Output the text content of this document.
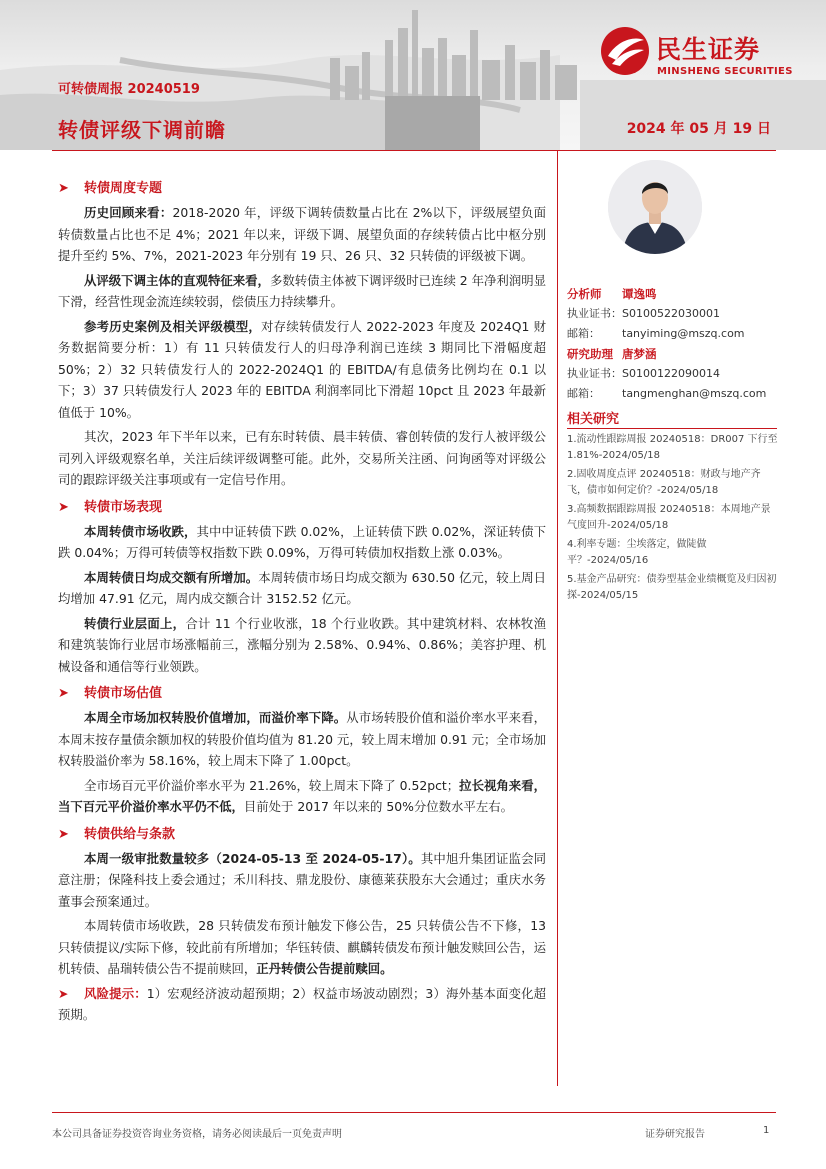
可转债周报 20240519
转债评级下调前瞻	2024 年 05 月 19 日
民生证券
MINSHENG SECURITIES
➤ 转债周度专题

历史回顾来看：2018-2020 年，评级下调转债数量占比在 2%以下，评级展望负面转债数量占比也不足 4%；2021 年以来，评级下调、展望负面的存续转债占比中枢分别提升至约 5%、7%，2021-2023 年分别有 19 只、26 只、32 只转债的评级被下调。

从评级下调主体的直观特征来看，多数转债主体被下调评级时已连续 2 年净利润明显下滑，经营性现金流连续较弱，偿债压力持续攀升。

参考历史案例及相关评级模型，对存续转债发行人 2022-2023 年度及 2024Q1 财务数据简要分析：1）有 11 只转债发行人的归母净利润已连续 3 期同比下滑幅度超 50%；2）32 只转债发行人的 2022-2024Q1 的 EBITDA/有息债务比例均在 0.1 以下；3）37 只转债发行人 2023 年的 EBITDA 利润率同比下滑超 10pct 且 2023 年最新值低于 10%。

其次，2023 年下半年以来，已有东时转债、晨丰转债、睿创转债的发行人被评级公司列入评级观察名单，关注后续评级调整可能。此外，交易所关注函、问询函等对评级公司的跟踪评级关注事项或有一定信号作用。

➤ 转债市场表现

本周转债市场收跌，其中中证转债下跌 0.02%，上证转债下跌 0.02%，深证转债下跌 0.04%；万得可转债等权指数下跌 0.09%，万得可转债加权指数上涨 0.03%。

本周转债日均成交额有所增加。本周转债市场日均成交额为 630.50 亿元，较上周日均增加 47.91 亿元，周内成交额合计 3152.52 亿元。

转债行业层面上，合计 11 个行业收涨，18 个行业收跌。其中建筑材料、农林牧渔和建筑装饰行业居市场涨幅前三，涨幅分别为 2.58%、0.94%、0.86%；美容护理、机械设备和通信等行业领跌。

➤ 转债市场估值

本周全市场加权转股价值增加，而溢价率下降。从市场转股价值和溢价率水平来看，本周末按存量债余额加权的转股价值均值为 81.20 元，较上周末增加 0.91 元；全市场加权转股溢价率为 58.16%，较上周末下降了 1.00pct。

全市场百元平价溢价率水平为 21.26%，较上周末下降了 0.52pct；拉长视角来看，当下百元平价溢价率水平仍不低，目前处于 2017 年以来的 50%分位数水平左右。

➤ 转债供给与条款

本周一级审批数量较多（2024-05-13 至 2024-05-17）。其中旭升集团证监会同意注册；保隆科技上委会通过；禾川科技、鼎龙股份、康德莱获股东大会通过；重庆水务董事会预案通过。

本周转债市场收跌，28 只转债发布预计触发下修公告，25 只转债公告不下修，13 只转债提议/实际下修，较此前有所增加；华钰转债、麒麟转债发布预计触发赎回公告，运机转债、晶瑞转债公告不提前赎回，正丹转债公告提前赎回。

➤ 风险提示：1）宏观经济波动超预期；2）权益市场波动剧烈；3）海外基本面变化超预期。

分析师 谭逸鸣
执业证书：S0100522030001
邮箱： tanyiming@mszq.com
研究助理 唐梦涵
执业证书：S0100122090014
邮箱： tangmenghan@mszq.com
相关研究
1.流动性跟踪周报 20240518：DR007 下行至 1.81%-2024/05/18
2.固收周度点评 20240518：财政与地产齐飞，债市如何定价？-2024/05/18
3.高频数据跟踪周报 20240518：本周地产景气度回升-2024/05/18
4.利率专题：尘埃落定，做陡做平？-2024/05/16
5.基金产品研究：债券型基金业绩概览及归因初探-2024/05/15
本公司具备证券投资咨询业务资格，请务必阅读最后一页免责声明	证券研究报告	1
